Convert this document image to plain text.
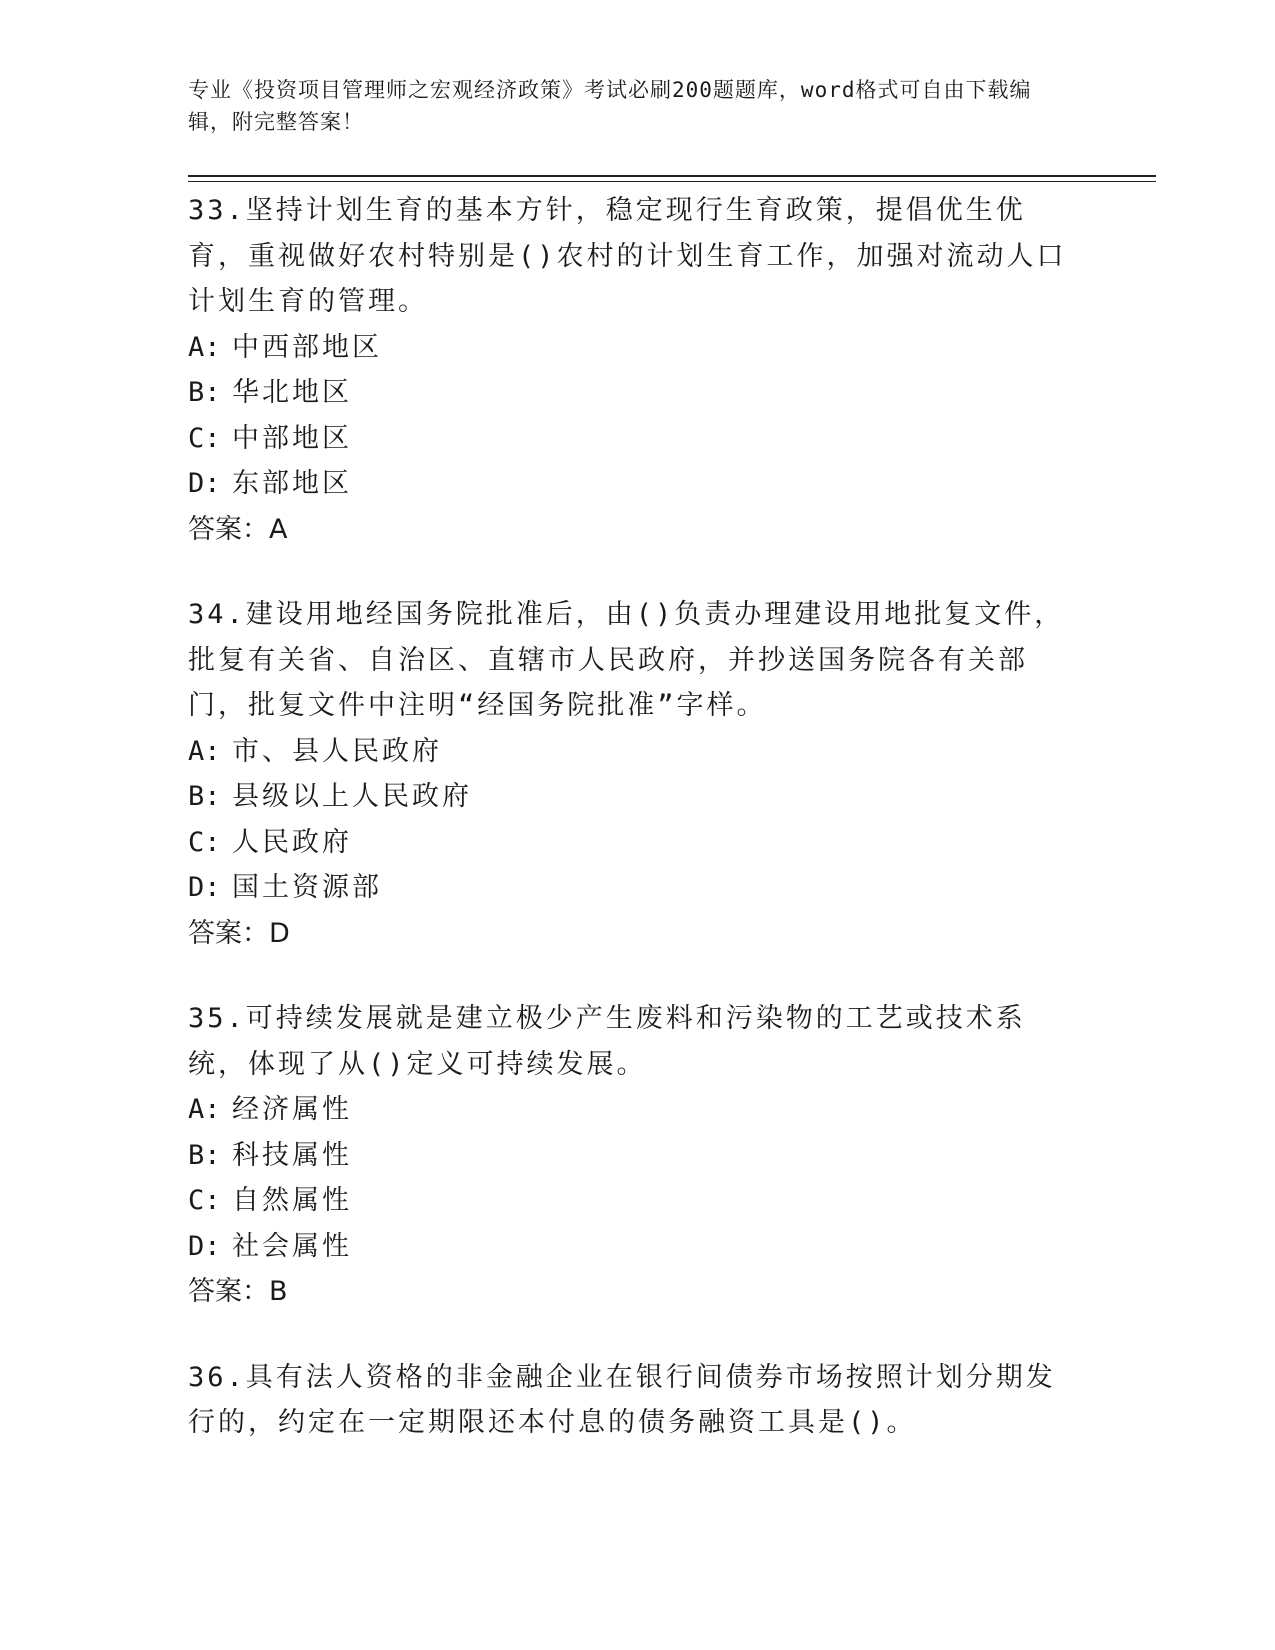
专业《投资项目管理师之宏观经济政策》考试必刷200题题库，word格式可自由下载编辑，附完整答案！

33.坚持计划生育的基本方针，稳定现行生育政策，提倡优生优育，重视做好农村特别是()农村的计划生育工作，加强对流动人口计划生育的管理。

A: 中西部地区

B: 华北地区

C: 中部地区

D: 东部地区

答案：A

34.建设用地经国务院批准后，由()负责办理建设用地批复文件，批复有关省、自治区、直辖市人民政府，并抄送国务院各有关部门，批复文件中注明“经国务院批准”字样。

A: 市、县人民政府

B: 县级以上人民政府

C: 人民政府

D: 国土资源部

答案：D

35.可持续发展就是建立极少产生废料和污染物的工艺或技术系统，体现了从()定义可持续发展。

A: 经济属性

B: 科技属性

C: 自然属性

D: 社会属性

答案：B

36.具有法人资格的非金融企业在银行间债券市场按照计划分期发行的，约定在一定期限还本付息的债务融资工具是()。
